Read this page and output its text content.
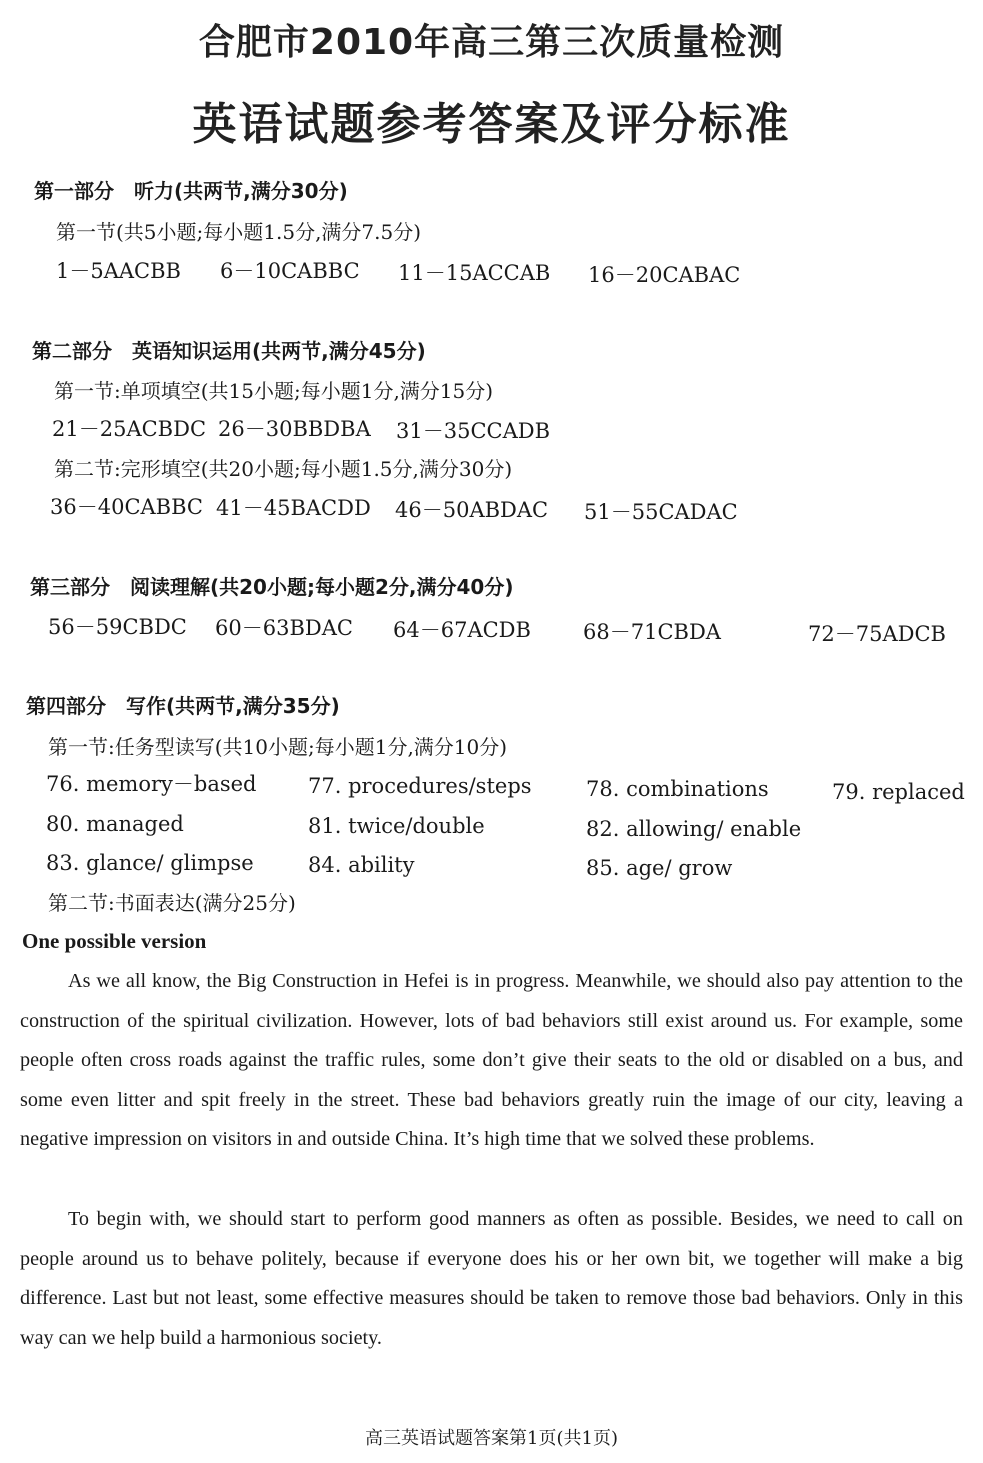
合肥市2010年高三第三次质量检测
英语试题参考答案及评分标准
第一部分　听力(共两节,满分30分)
第一节(共5小题;每小题1.5分,满分7.5分)
1－5AACBB 6－10CABBC 11－15ACCAB 16－20CABAC
第二部分　英语知识运用(共两节,满分45分)
第一节:单项填空(共15小题;每小题1分,满分15分)
21－25ACBDC 26－30BBDBA 31－35CCADB
第二节:完形填空(共20小题;每小题1.5分,满分30分)
36－40CABBC 41－45BACDD 46－50ABDAC 51－55CADAC
第三部分　阅读理解(共20小题;每小题2分,满分40分)
56－59CBDC 60－63BDAC 64－67ACDB 68－71CBDA	72－75ADCB
第四部分　写作(共两节,满分35分)
第一节:任务型读写(共10小题;每小题1分,满分10分)
76. memory－based 77. procedures/steps	78. combinations	79. replaced
80. managed	81. twice/double	82. allowing/ enable
83. glance/ glimpse	84. ability	85. age/ grow
第二节:书面表达(满分25分)
One possible version

As we all know, the Big Construction in Hefei is in progress. Meanwhile, we should also pay attention to the construction of the spiritual civilization. However, lots of bad behaviors still exist around us. For example, some people often cross roads against the traffic rules, some don’t give their seats to the old or disabled on a bus, and some even litter and spit freely in the street. These bad behaviors greatly ruin the image of our city, leaving a negative impression on visitors in and outside China. It’s high time that we solved these problems.

To begin with, we should start to perform good manners as often as possible. Besides, we need to call on people around us to behave politely, because if everyone does his or her own bit, we together will make a big difference. Last but not least, some effective measures should be taken to remove those bad behaviors. Only in this way can we help build a harmonious society.

高三英语试题答案第1页(共1页)
